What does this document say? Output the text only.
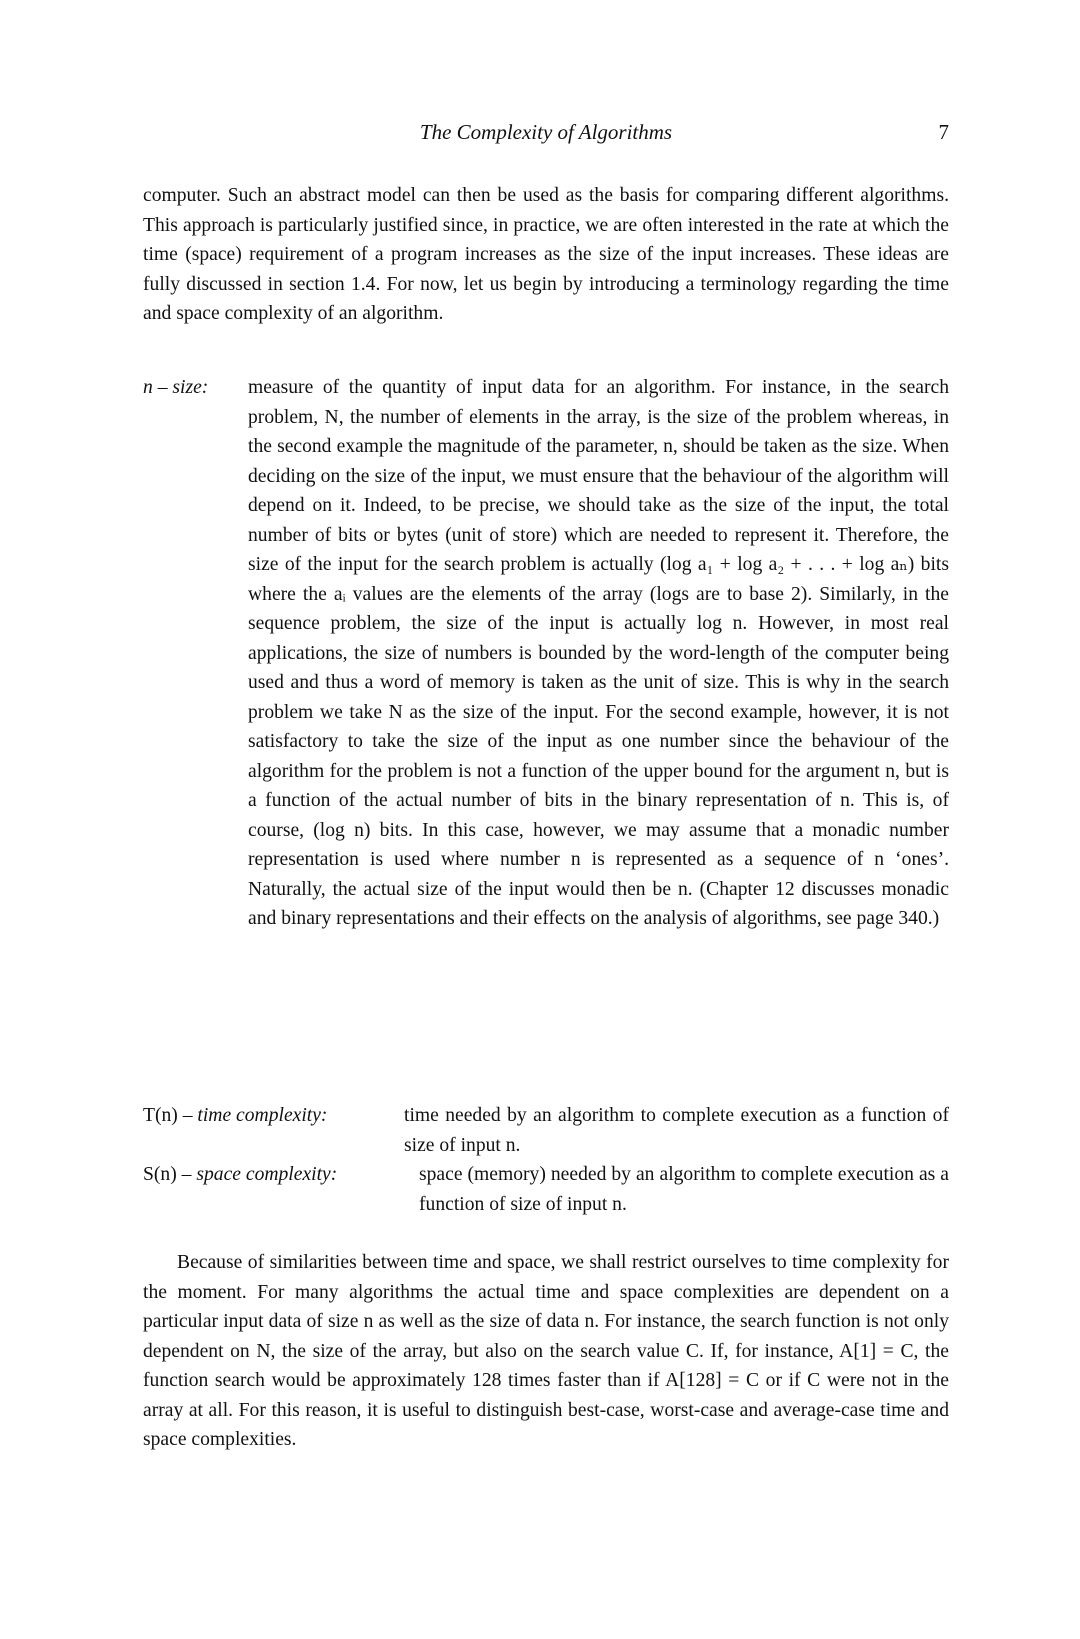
The Complexity of Algorithms	7

computer. Such an abstract model can then be used as the basis for comparing different algorithms. This approach is particularly justified since, in practice, we are often interested in the rate at which the time (space) requirement of a program increases as the size of the input increases. These ideas are fully discussed in section 1.4. For now, let us begin by introducing a terminology regarding the time and space complexity of an algorithm.

n – size: measure of the quantity of input data for an algorithm. For instance, in the search problem, N, the number of elements in the array, is the size of the problem whereas, in the second example the magnitude of the parameter, n, should be taken as the size. When deciding on the size of the input, we must ensure that the behaviour of the algorithm will depend on it. Indeed, to be precise, we should take as the size of the input, the total number of bits or bytes (unit of store) which are needed to represent it. Therefore, the size of the input for the search problem is actually (log a₁ + log a₂ + . . . + log aₙ) bits where the aᵢ values are the elements of the array (logs are to base 2). Similarly, in the sequence problem, the size of the input is actually log n. However, in most real applications, the size of numbers is bounded by the word-length of the computer being used and thus a word of memory is taken as the unit of size. This is why in the search problem we take N as the size of the input. For the second example, however, it is not satisfactory to take the size of the input as one number since the behaviour of the algorithm for the problem is not a function of the upper bound for the argument n, but is a function of the actual number of bits in the binary representation of n. This is, of course, (log n) bits. In this case, however, we may assume that a monadic number representation is used where number n is represented as a sequence of n ‘ones’. Naturally, the actual size of the input would then be n. (Chapter 12 discusses monadic and binary representations and their effects on the analysis of algorithms, see page 340.)

T(n) – time complexity:	time needed by an algorithm to complete execution as a function of size of input n.
S(n) – space complexity:	space (memory) needed by an algorithm to complete execution as a function of size of input n.

Because of similarities between time and space, we shall restrict ourselves to time complexity for the moment. For many algorithms the actual time and space complexities are dependent on a particular input data of size n as well as the size of data n. For instance, the search function is not only dependent on N, the size of the array, but also on the search value C. If, for instance, A[1] = C, the function search would be approximately 128 times faster than if A[128] = C or if C were not in the array at all. For this reason, it is useful to distinguish best-case, worst-case and average-case time and space complexities.
